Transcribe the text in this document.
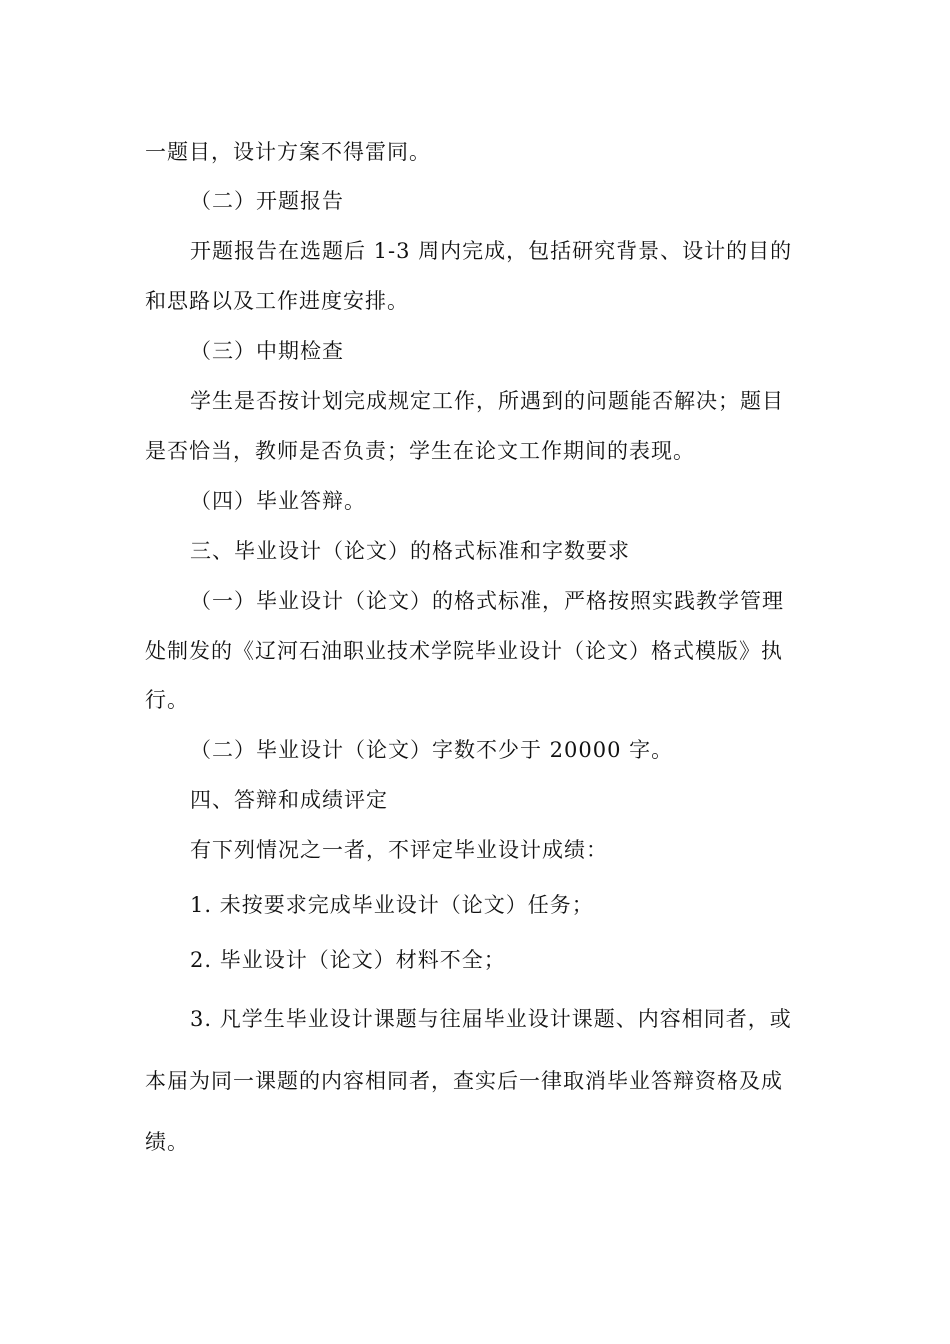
一题目，设计方案不得雷同。
（二）开题报告
开题报告在选题后 1-3 周内完成，包括研究背景、设计的目的
和思路以及工作进度安排。
（三）中期检查
学生是否按计划完成规定工作，所遇到的问题能否解决；题目
是否恰当，教师是否负责；学生在论文工作期间的表现。
（四）毕业答辩。
三、毕业设计（论文）的格式标准和字数要求
（一）毕业设计（论文）的格式标准，严格按照实践教学管理
处制发的《辽河石油职业技术学院毕业设计（论文）格式模版》执
行。
（二）毕业设计（论文）字数不少于 20000 字。
四、答辩和成绩评定
有下列情况之一者，不评定毕业设计成绩：
1. 未按要求完成毕业设计（论文）任务；
2. 毕业设计（论文）材料不全；
3. 凡学生毕业设计课题与往届毕业设计课题、内容相同者，或
本届为同一课题的内容相同者，查实后一律取消毕业答辩资格及成
绩。
